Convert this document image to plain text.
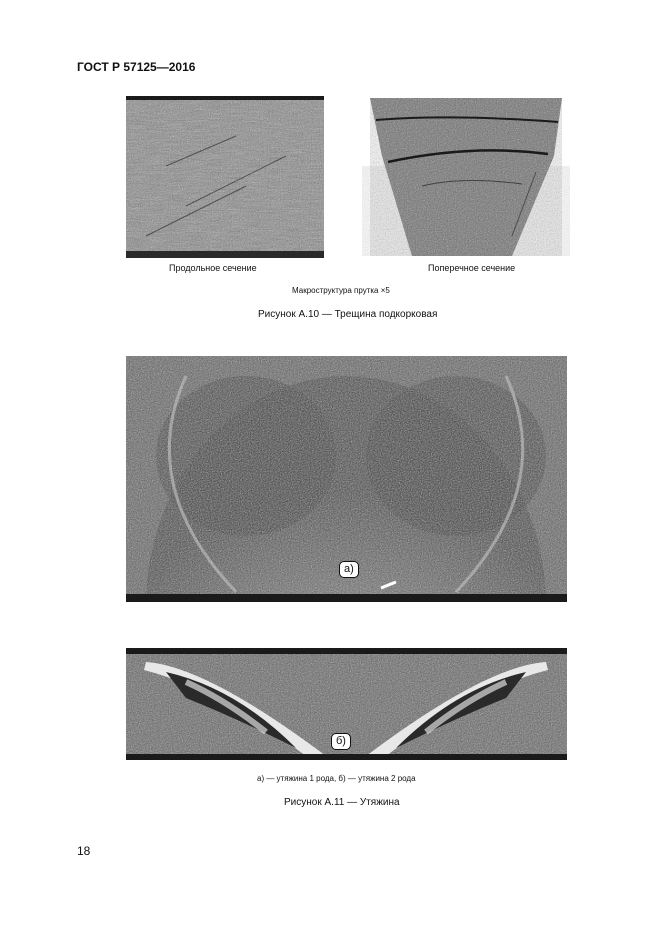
ГОСТ Р 57125—2016
Продольное сечение	Поперечное сечение
Макроструктура прутка ×5
Рисунок А.10 — Трещина подкорковая
а)
б)
а) — утяжина 1 рода, б) — утяжина 2 рода
Рисунок А.11 — Утяжина
18
